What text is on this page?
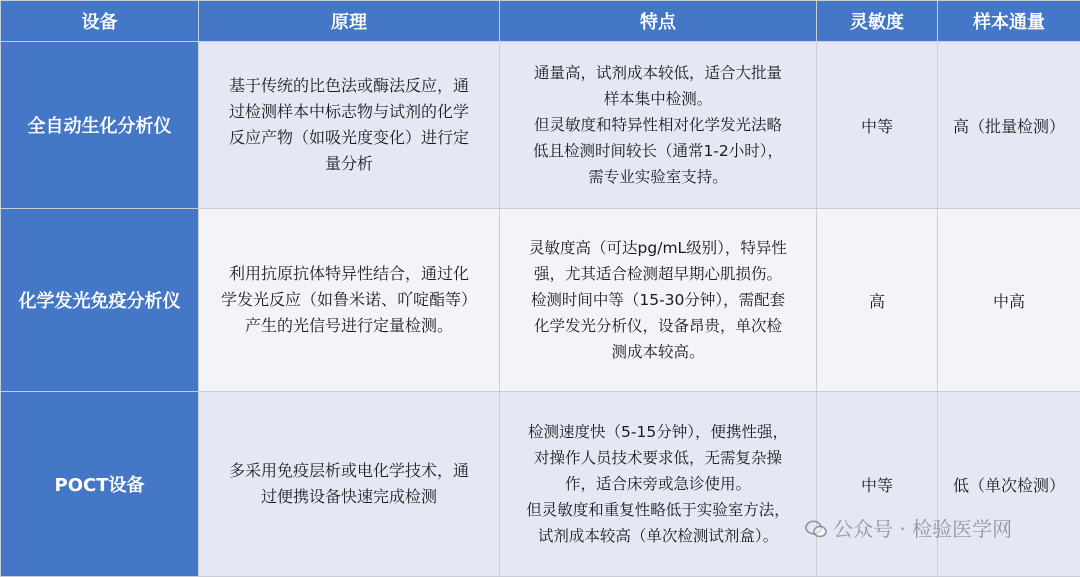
设备	原理	特点	灵敏度	样本通量
全自动生化分析仪	基于传统的比色法或酶法反应，通
过检测样本中标志物与试剂的化学
反应产物（如吸光度变化）进行定
量分析	通量高，试剂成本较低，适合大批量
样本集中检测。
但灵敏度和特异性相对化学发光法略
低且检测时间较长（通常1-2小时），
需专业实验室支持。	中等	高（批量检测）
化学发光免疫分析仪	利用抗原抗体特异性结合，通过化
学发光反应（如鲁米诺、吖啶酯等）
产生的光信号进行定量检测。	灵敏度高（可达pg/mL级别），特异性
强，尤其适合检测超早期心肌损伤。
检测时间中等（15-30分钟），需配套
化学发光分析仪，设备昂贵，单次检
测成本较高。	高	中高
POCT设备	多采用免疫层析或电化学技术，通
过便携设备快速完成检测	检测速度快（5-15分钟），便携性强，
对操作人员技术要求低，无需复杂操
作，适合床旁或急诊使用。
但灵敏度和重复性略低于实验室方法，
试剂成本较高（单次检测试剂盒）。	中等	低（单次检测）
公众号 · 检验医学网
